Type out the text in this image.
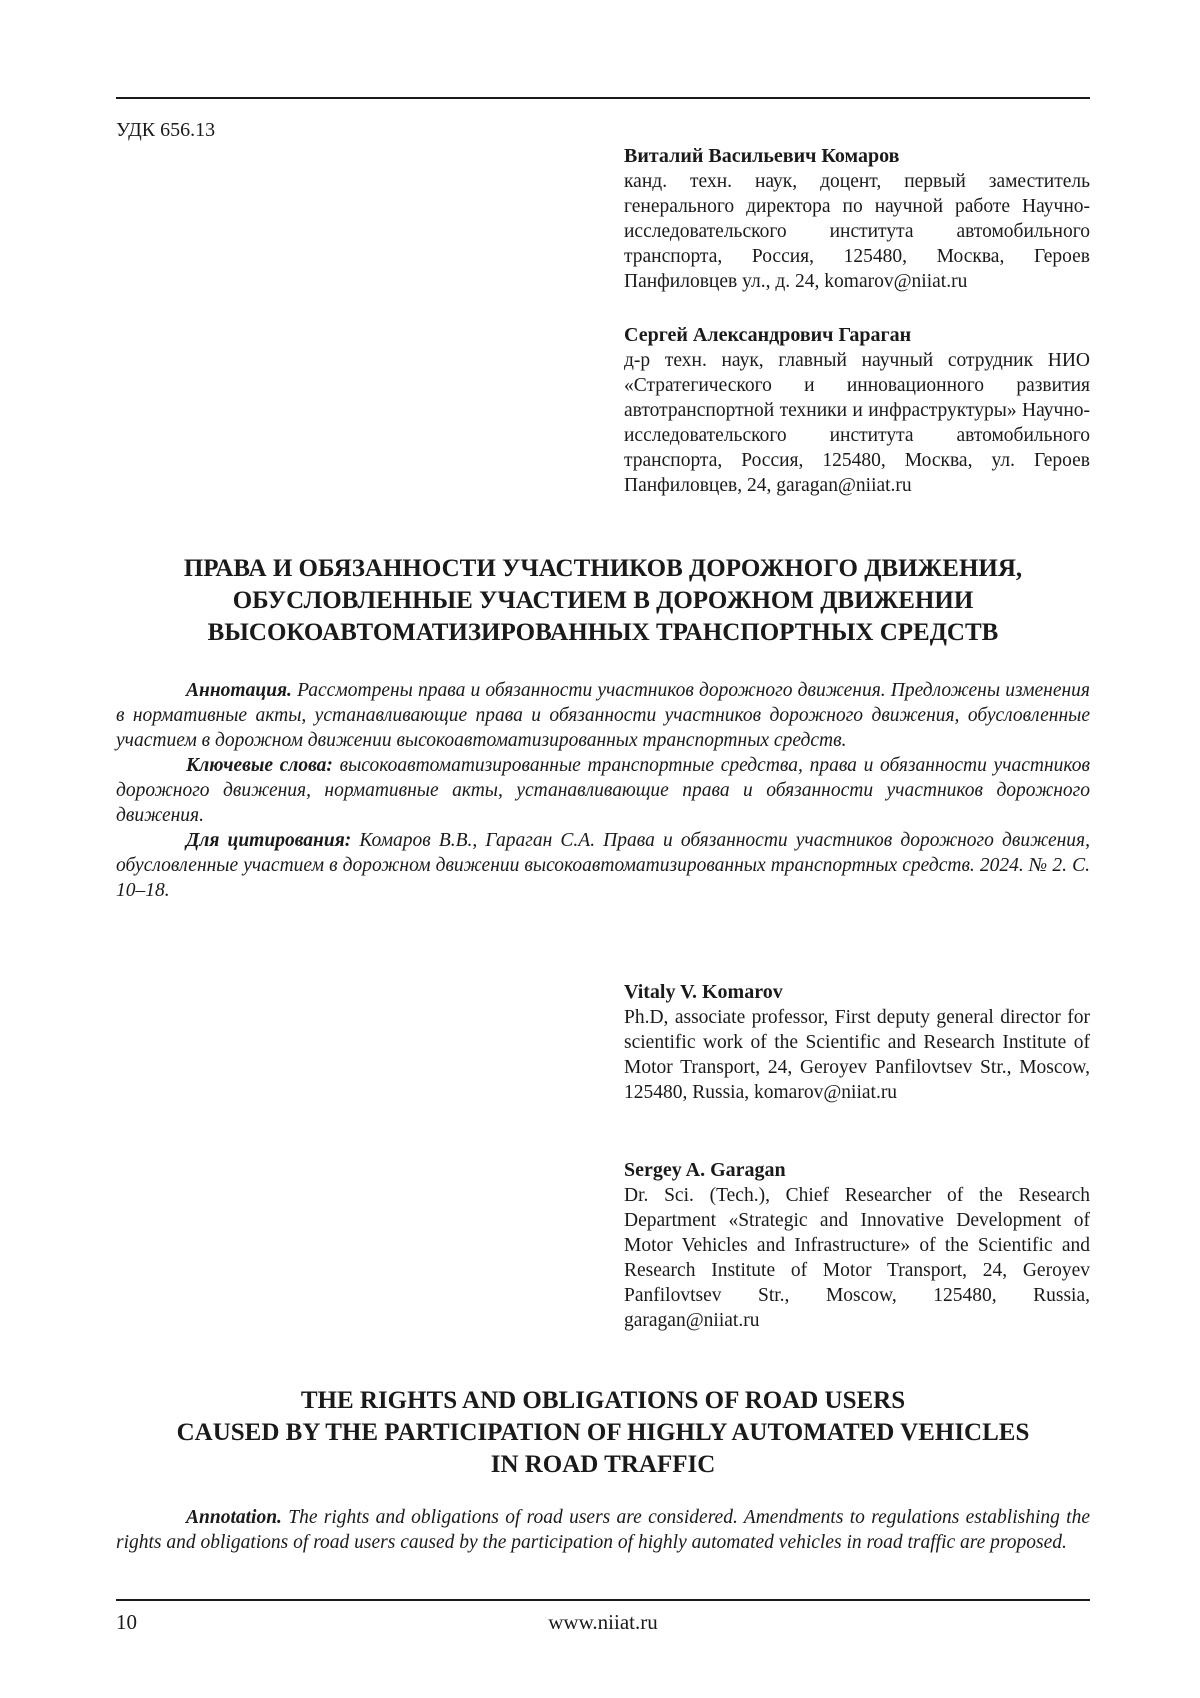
УДК 656.13
Виталий Васильевич Комаров
канд. техн. наук, доцент, первый заместитель генерального директора по научной работе Научно-исследовательского института автомобильного транспорта, Россия, 125480, Москва, Героев Панфиловцев ул., д. 24, komarov@niiat.ru
Сергей Александрович Гараган
д-р техн. наук, главный научный сотрудник НИО «Стратегического и инновационного развития автотранспортной техники и инфраструктуры» Научно-исследовательского института автомобильного транспорта, Россия, 125480, Москва, ул. Героев Панфиловцев, 24, garagan@niiat.ru
ПРАВА И ОБЯЗАННОСТИ УЧАСТНИКОВ ДОРОЖНОГО ДВИЖЕНИЯ,
ОБУСЛОВЛЕННЫЕ УЧАСТИЕМ В ДОРОЖНОМ ДВИЖЕНИИ
ВЫСОКОАВТОМАТИЗИРОВАННЫХ ТРАНСПОРТНЫХ СРЕДСТВ

Аннотация. Рассмотрены права и обязанности участников дорожного движения. Предложены изменения в нормативные акты, устанавливающие права и обязанности участников дорожного движения, обусловленные участием в дорожном движении высокоавтоматизированных транспортных средств.

Ключевые слова: высокоавтоматизированные транспортные средства, права и обязанности участников дорожного движения, нормативные акты, устанавливающие права и обязанности участников дорожного движения.

Для цитирования: Комаров В.В., Гараган С.А. Права и обязанности участников дорожного движения, обусловленные участием в дорожном движении высокоавтоматизированных транспортных средств. 2024. № 2. С. 10–18.

Vitaly V. Komarov
Ph.D, associate professor, First deputy general director for scientific work of the Scientific and Research Institute of Motor Transport, 24, Geroyev Panfilovtsev Str., Moscow, 125480, Russia, komarov@niiat.ru
Sergey A. Garagan
Dr. Sci. (Tech.), Chief Researcher of the Research Department «Strategic and Innovative Development of Motor Vehicles and Infrastructure» of the Scientific and Research Institute of Motor Transport, 24, Geroyev Panfilovtsev Str., Moscow, 125480, Russia, garagan@niiat.ru
THE RIGHTS AND OBLIGATIONS OF ROAD USERS
CAUSED BY THE PARTICIPATION OF HIGHLY AUTOMATED VEHICLES
IN ROAD TRAFFIC

Annotation. The rights and obligations of road users are considered. Amendments to regulations establishing the rights and obligations of road users caused by the participation of highly automated vehicles in road traffic are proposed.

10	www.niiat.ru
